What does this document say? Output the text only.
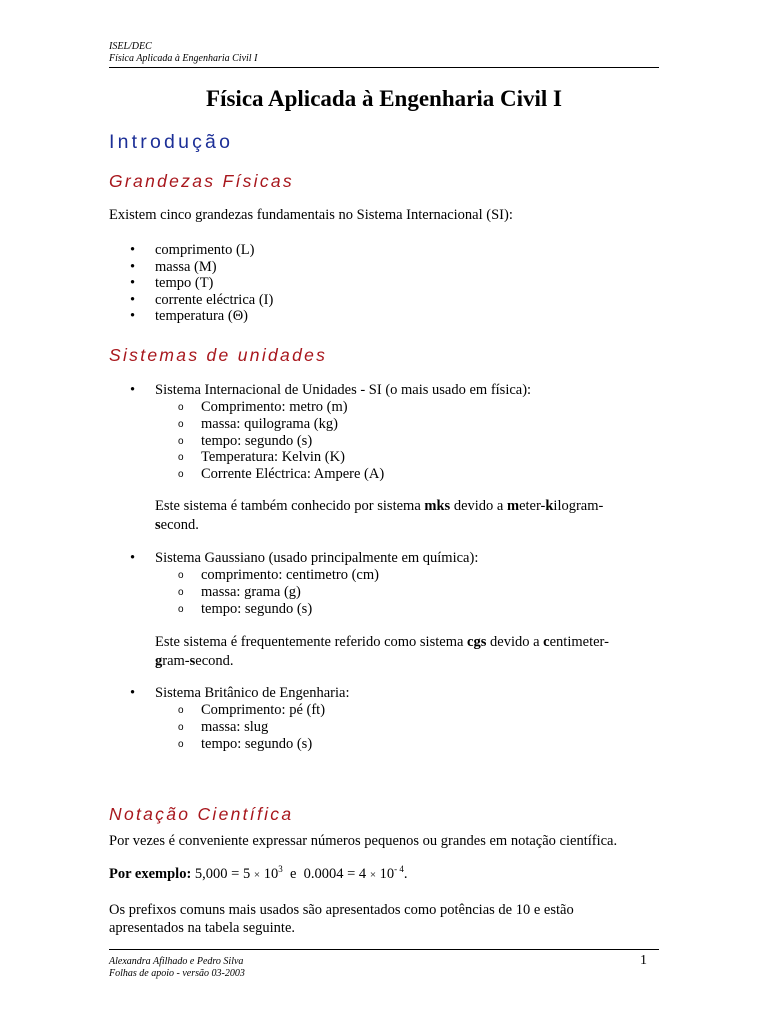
ISEL/DEC
Física Aplicada à Engenharia Civil I
Física Aplicada à Engenharia Civil I
Introdução
Grandezas Físicas
Existem cinco grandezas fundamentais no Sistema Internacional (SI):
• comprimento (L)
• massa (M)
• tempo (T)
• corrente eléctrica (I)
• temperatura (Θ)
Sistemas de unidades
• Sistema Internacional de Unidades - SI (o mais usado em física):
o Comprimento: metro (m)
o massa: quilograma (kg)
o tempo: segundo (s)
o Temperatura: Kelvin (K)
o Corrente Eléctrica: Ampere (A)
Este sistema é também conhecido por sistema mks devido a meter-kilogram-
second.
• Sistema Gaussiano (usado principalmente em química):
o comprimento: centimetro (cm)
o massa: grama (g)
o tempo: segundo (s)
Este sistema é frequentemente referido como sistema cgs devido a centimeter-
gram-second.
• Sistema Britânico de Engenharia:
o Comprimento: pé (ft)
o massa: slug
o tempo: segundo (s)
Notação Científica
Por vezes é conveniente expressar números pequenos ou grandes em notação científica.
Por exemplo: $5,000 = 5 \times 10^3$ e $0.0004 = 4 \times 10^{- 4}$.
Os prefixos comuns mais usados são apresentados como potências de 10 e estão apresentados na tabela seguinte.
Alexandra Afilhado e Pedro Silva
Folhas de apoio - versão 03-2003
1
